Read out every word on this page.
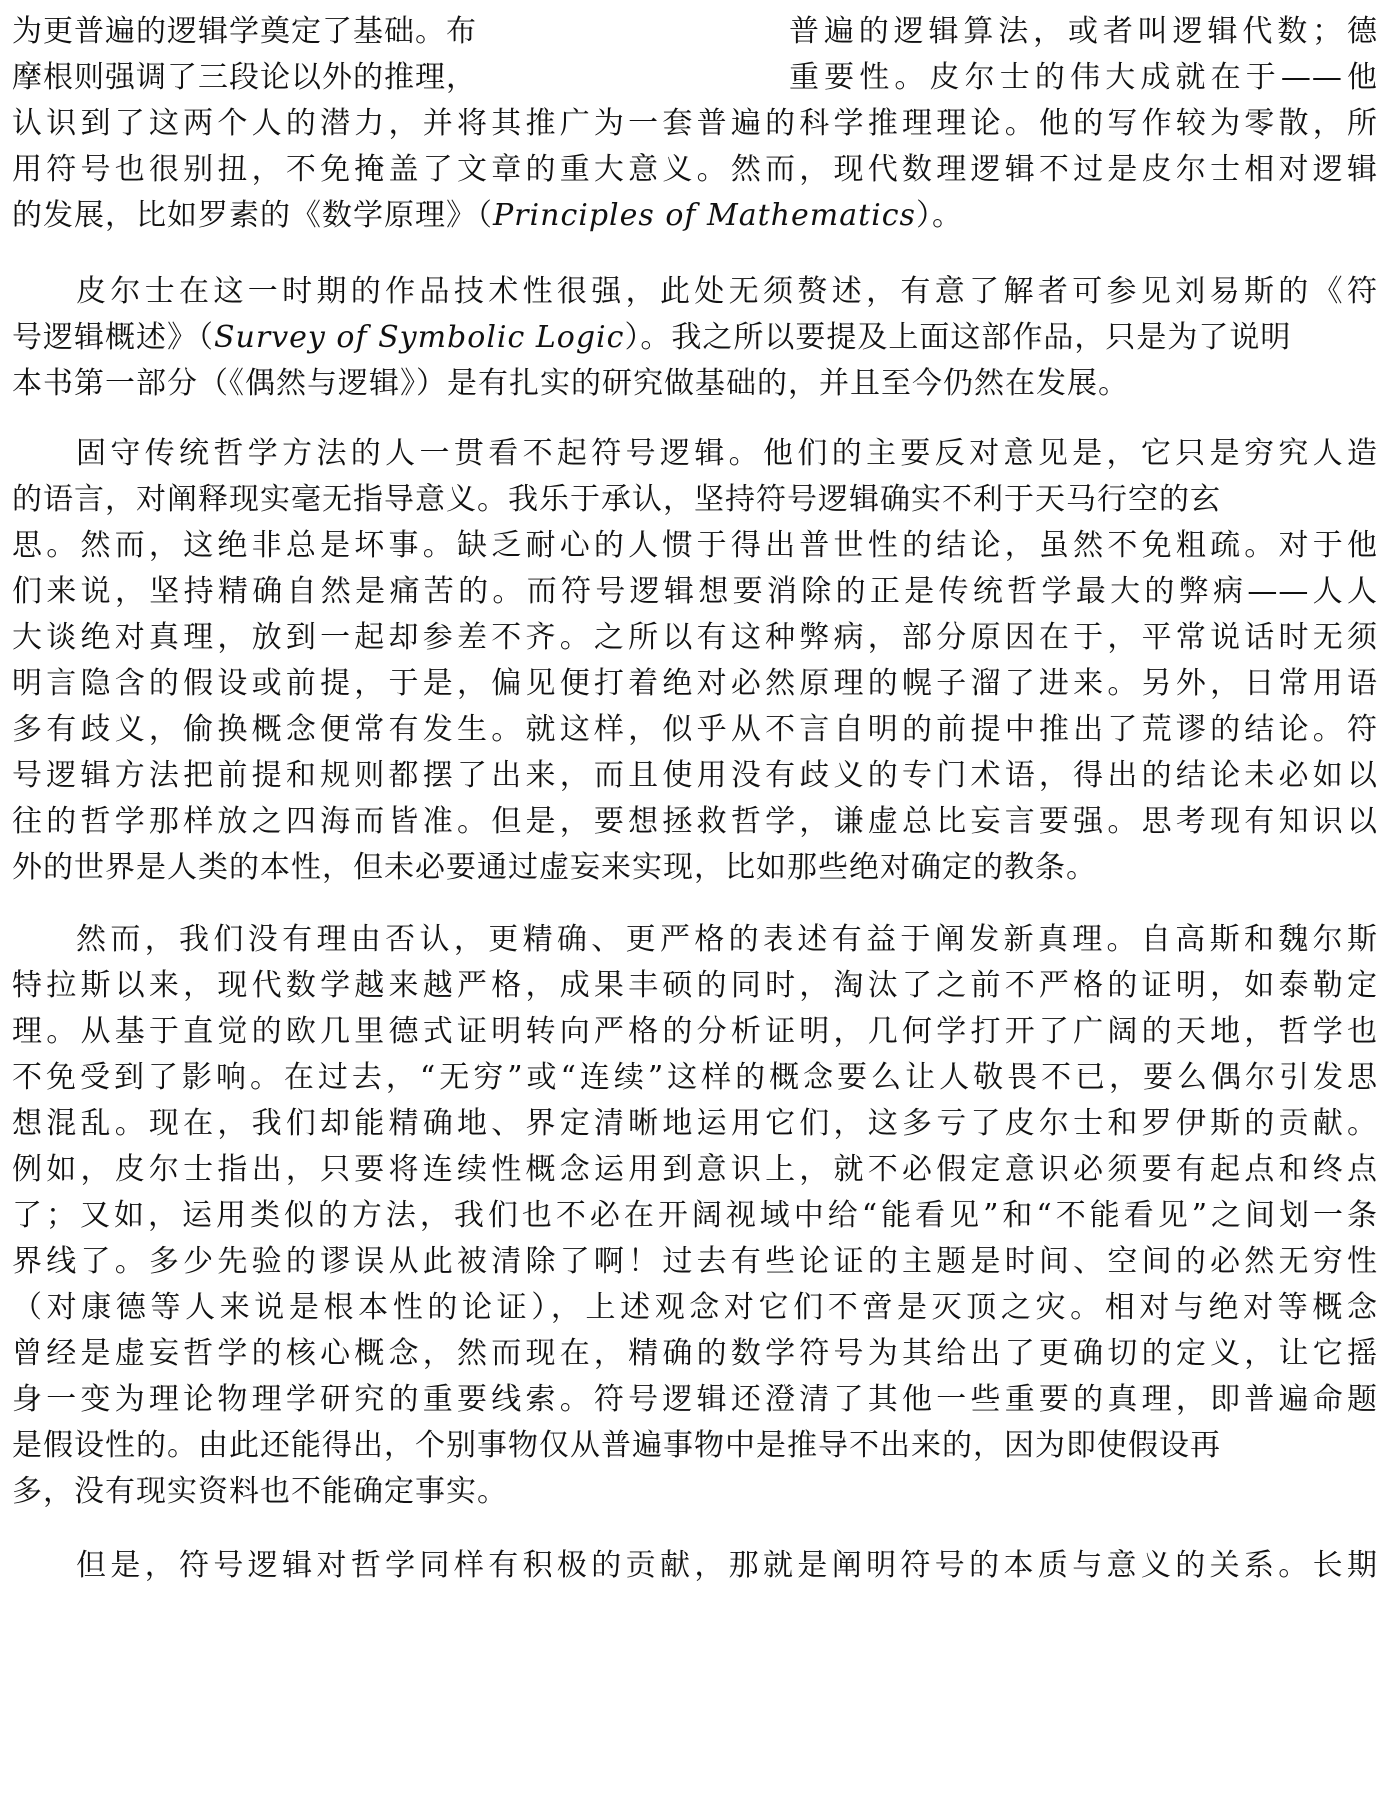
为更普遍的逻辑学奠定了基础。布	普遍的逻辑算法，或者叫逻辑代数；德
摩根则强调了三段论以外的推理，	重要性。皮尔士的伟大成就在于——他
认识到了这两个人的潜力，并将其推广为一套普遍的科学推理理论。他的写作较为零散，所
用符号也很别扭，不免掩盖了文章的重大意义。然而，现代数理逻辑不过是皮尔士相对逻辑
的发展，比如罗素的《数学原理》（Principles of Mathematics）。
皮尔士在这一时期的作品技术性很强，此处无须赘述，有意了解者可参见刘易斯的《符
号逻辑概述》（Survey of Symbolic Logic）。我之所以要提及上面这部作品，只是为了说明
本书第一部分（《偶然与逻辑》）是有扎实的研究做基础的，并且至今仍然在发展。
固守传统哲学方法的人一贯看不起符号逻辑。他们的主要反对意见是，它只是穷究人造
的语言，对阐释现实毫无指导意义。我乐于承认，坚持符号逻辑确实不利于天马行空的玄
思。然而，这绝非总是坏事。缺乏耐心的人惯于得出普世性的结论，虽然不免粗疏。对于他
们来说，坚持精确自然是痛苦的。而符号逻辑想要消除的正是传统哲学最大的弊病——人人
大谈绝对真理，放到一起却参差不齐。之所以有这种弊病，部分原因在于，平常说话时无须
明言隐含的假设或前提，于是，偏见便打着绝对必然原理的幌子溜了进来。另外，日常用语
多有歧义，偷换概念便常有发生。就这样，似乎从不言自明的前提中推出了荒谬的结论。符
号逻辑方法把前提和规则都摆了出来，而且使用没有歧义的专门术语，得出的结论未必如以
往的哲学那样放之四海而皆准。但是，要想拯救哲学，谦虚总比妄言要强。思考现有知识以
外的世界是人类的本性，但未必要通过虚妄来实现，比如那些绝对确定的教条。
然而，我们没有理由否认，更精确、更严格的表述有益于阐发新真理。自高斯和魏尔斯
特拉斯以来，现代数学越来越严格，成果丰硕的同时，淘汰了之前不严格的证明，如泰勒定
理。从基于直觉的欧几里德式证明转向严格的分析证明，几何学打开了广阔的天地，哲学也
不免受到了影响。在过去，“无穷”或“连续”这样的概念要么让人敬畏不已，要么偶尔引发思
想混乱。现在，我们却能精确地、界定清晰地运用它们，这多亏了皮尔士和罗伊斯的贡献。
例如，皮尔士指出，只要将连续性概念运用到意识上，就不必假定意识必须要有起点和终点
了；又如，运用类似的方法，我们也不必在开阔视域中给“能看见”和“不能看见”之间划一条
界线了。多少先验的谬误从此被清除了啊！过去有些论证的主题是时间、空间的必然无穷性
（对康德等人来说是根本性的论证），上述观念对它们不啻是灭顶之灾。相对与绝对等概念
曾经是虚妄哲学的核心概念，然而现在，精确的数学符号为其给出了更确切的定义，让它摇
身一变为理论物理学研究的重要线索。符号逻辑还澄清了其他一些重要的真理，即普遍命题
是假设性的。由此还能得出，个别事物仅从普遍事物中是推导不出来的，因为即使假设再
多，没有现实资料也不能确定事实。
但是，符号逻辑对哲学同样有积极的贡献，那就是阐明符号的本质与意义的关系。长期
